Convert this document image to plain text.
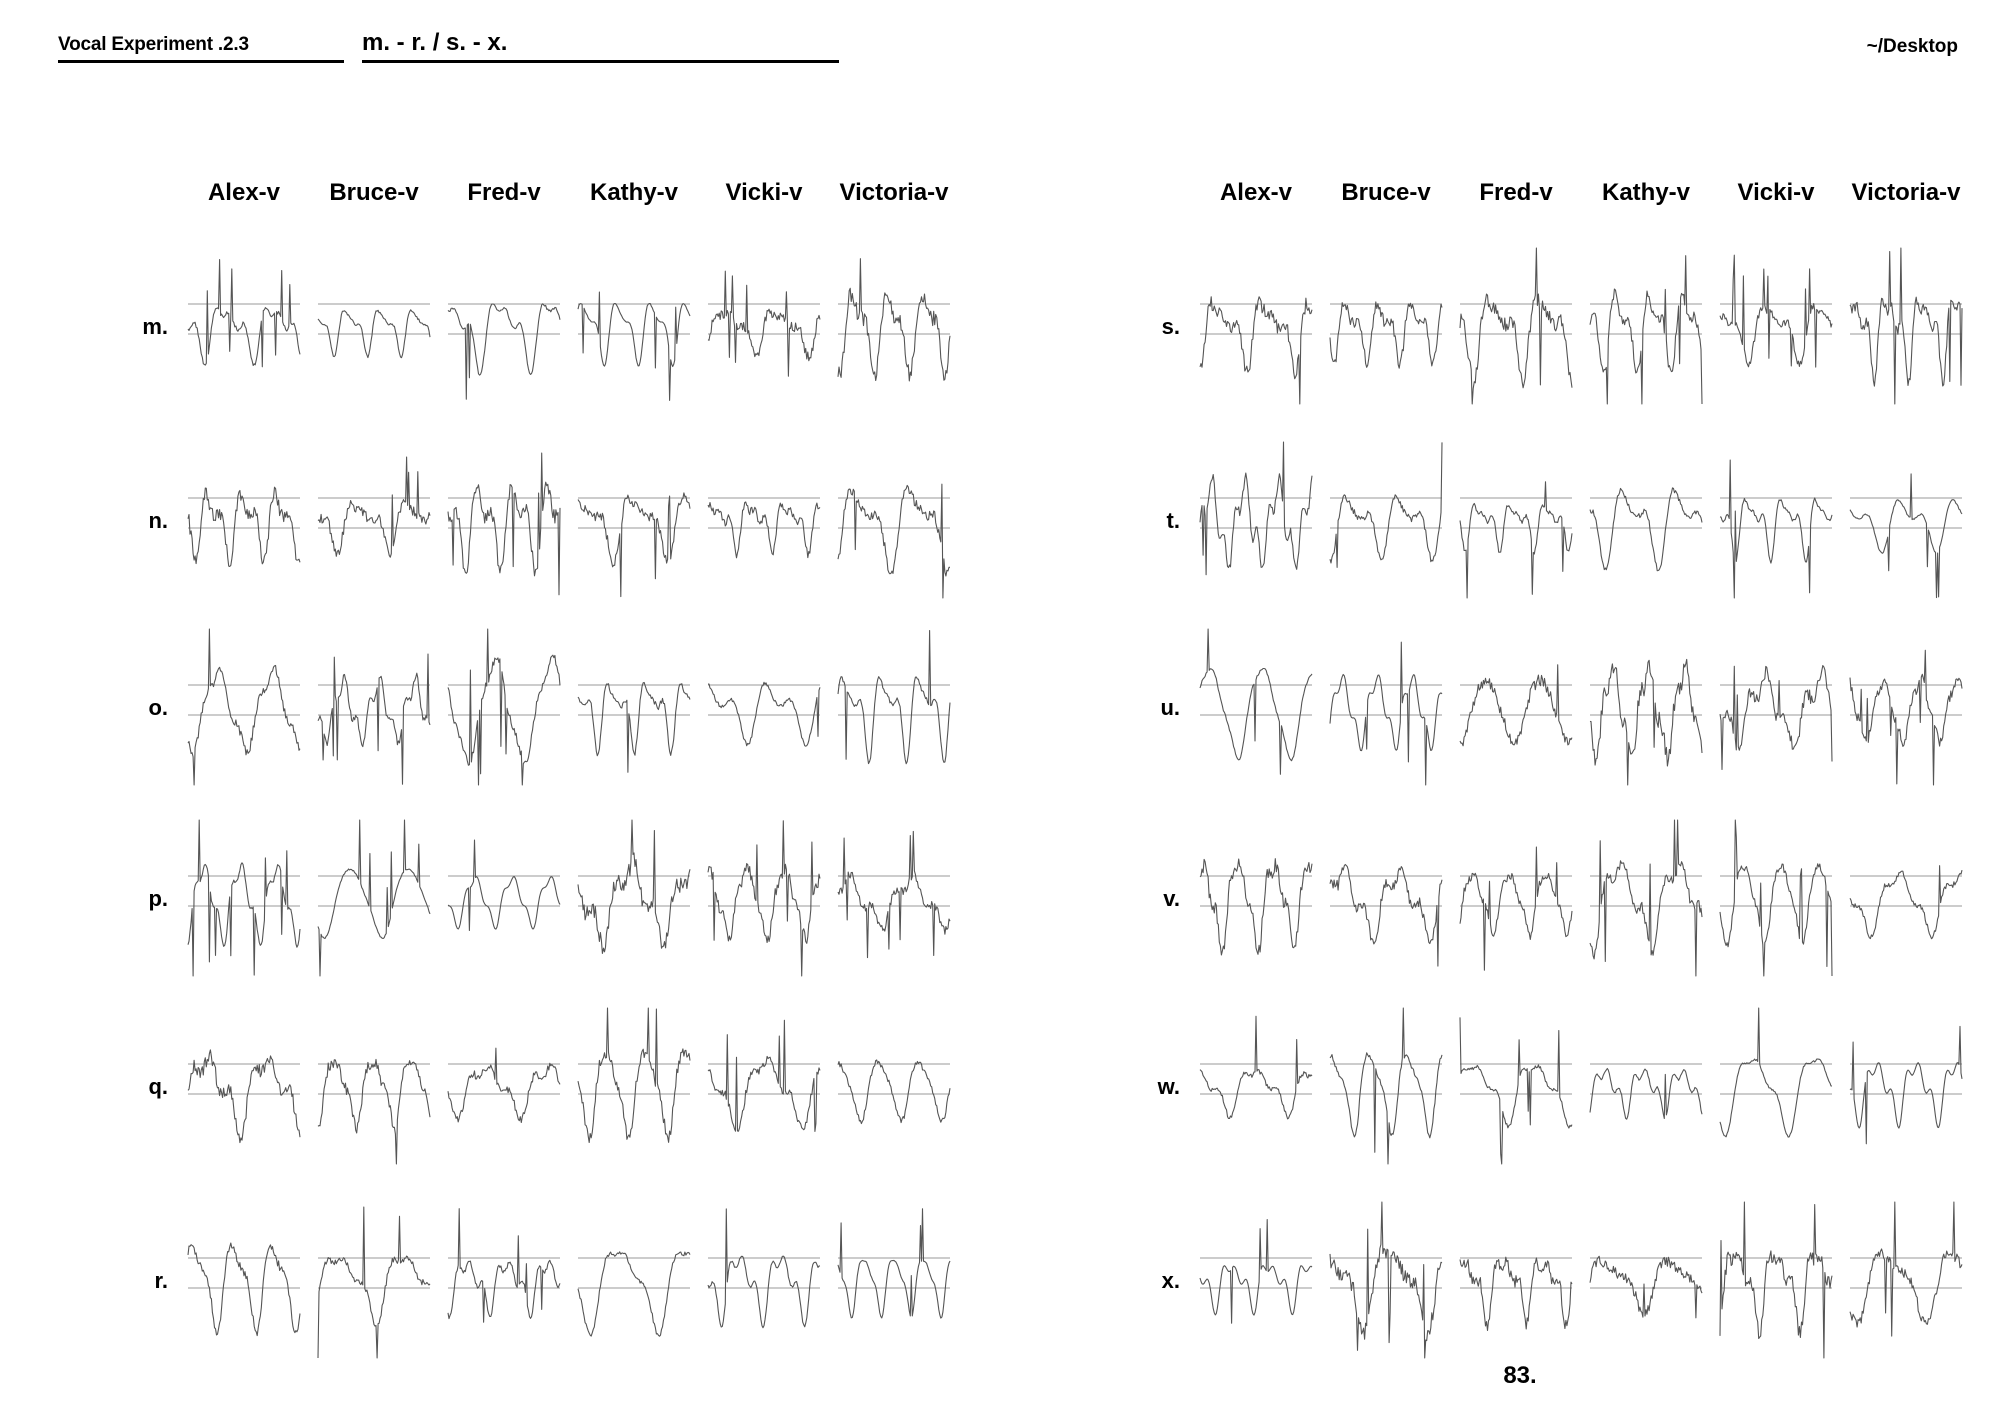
Vocal Experiment .2.3	m. - r. / s. - x.	~/Desktop
Alex-v	Bruce-v	Fred-v	Kathy-v	Vicki-v	Victoria-v
m.
n.
o.
p.
q.
r.
Alex-v	Bruce-v	Fred-v	Kathy-v	Vicki-v	Victoria-v
s.
t.
u.
v.
w.
x.
83.
